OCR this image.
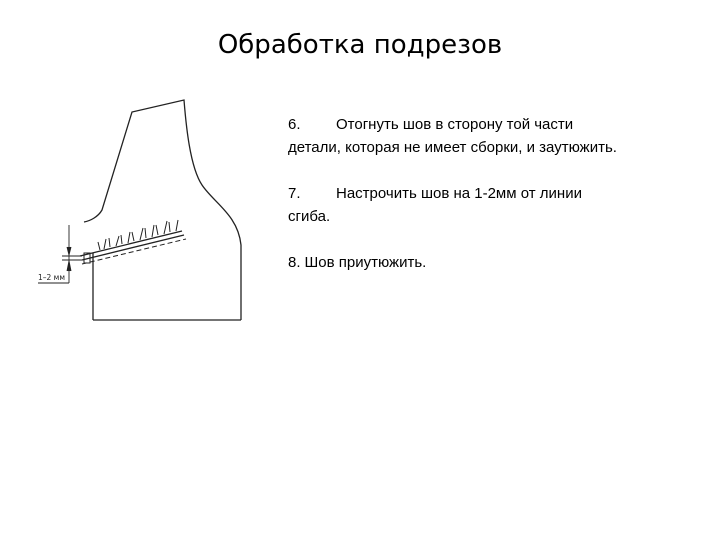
Обработка подрезов
1–2 мм
6. Отогнуть шов в сторону той части детали, которая не имеет сборки, и заутюжить.
7. Настрочить шов на 1-2мм от линии сгиба.
8. Шов приутюжить.
